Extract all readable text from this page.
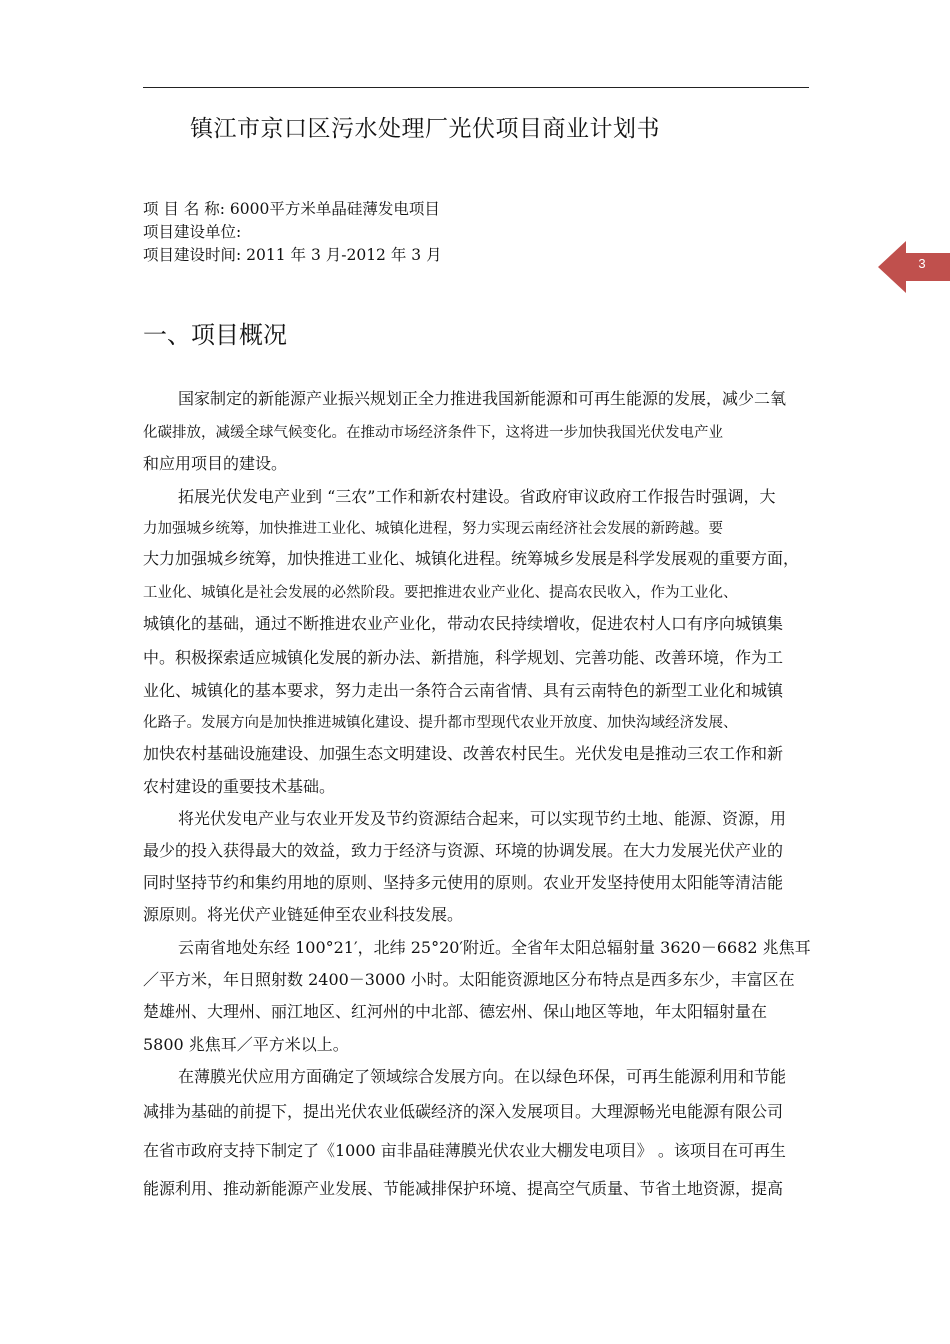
镇江市京口区污水处理厂光伏项目商业计划书
项 目 名 称: 6000平方米单晶硅薄发电项目
项目建设单位:
项目建设时间: 2011 年 3 月-2012 年 3 月	3
一、项目概况
国家制定的新能源产业振兴规划正全力推进我国新能源和可再生能源的发展，减少二氧
化碳排放，减缓全球气候变化。在推动市场经济条件下，这将进一步加快我国光伏发电产业
和应用项目的建设。
拓展光伏发电产业到 “三农”工作和新农村建设。省政府审议政府工作报告时强调，大
力加强城乡统筹，加快推进工业化、城镇化进程，努力实现云南经济社会发展的新跨越。要
大力加强城乡统筹，加快推进工业化、城镇化进程。统筹城乡发展是科学发展观的重要方面，
工业化、城镇化是社会发展的必然阶段。要把推进农业产业化、提高农民收入，作为工业化、
城镇化的基础，通过不断推进农业产业化，带动农民持续增收，促进农村人口有序向城镇集
中。积极探索适应城镇化发展的新办法、新措施，科学规划、完善功能、改善环境，作为工
业化、城镇化的基本要求，努力走出一条符合云南省情、具有云南特色的新型工业化和城镇
化路子。发展方向是加快推进城镇化建设、提升都市型现代农业开放度、加快沟域经济发展、
加快农村基础设施建设、加强生态文明建设、改善农村民生。光伏发电是推动三农工作和新
农村建设的重要技术基础。
将光伏发电产业与农业开发及节约资源结合起来，可以实现节约土地、能源、资源，用
最少的投入获得最大的效益，致力于经济与资源、环境的协调发展。在大力发展光伏产业的
同时坚持节约和集约用地的原则、坚持多元使用的原则。农业开发坚持使用太阳能等清洁能
源原则。将光伏产业链延伸至农业科技发展。
云南省地处东经 100°21′，北纬 25°20′附近。全省年太阳总辐射量 3620－6682 兆焦耳
／平方米，年日照射数 2400－3000 小时。太阳能资源地区分布特点是西多东少，丰富区在
楚雄州、大理州、丽江地区、红河州的中北部、德宏州、保山地区等地，年太阳辐射量在
5800 兆焦耳／平方米以上。
在薄膜光伏应用方面确定了领域综合发展方向。在以绿色环保，可再生能源利用和节能
减排为基础的前提下，提出光伏农业低碳经济的深入发展项目。大理源畅光电能源有限公司
在省市政府支持下制定了《1000 亩非晶硅薄膜光伏农业大棚发电项目》 。该项目在可再生
能源利用、推动新能源产业发展、节能减排保护环境、提高空气质量、节省土地资源，提高
